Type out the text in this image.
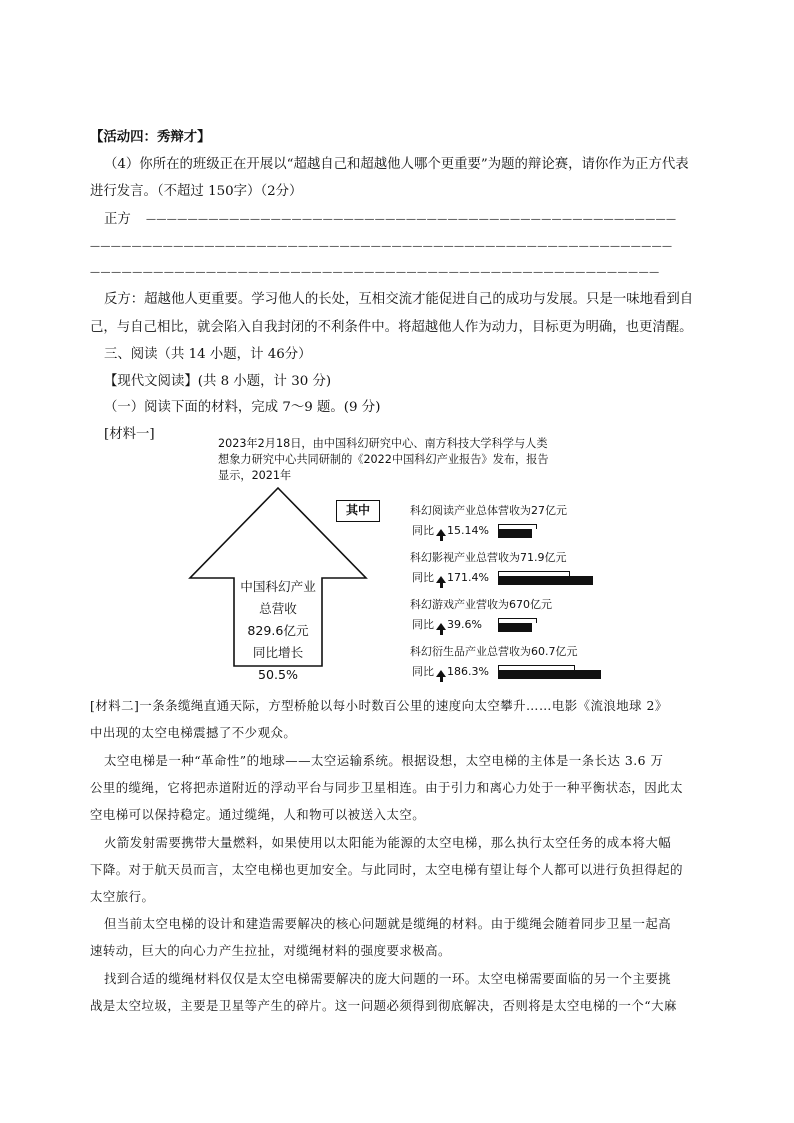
【活动四：秀辩才】
（4）你所在的班级正在开展以“超越自己和超越他人哪个更重要”为题的辩论赛，请你作为正方代表
进行发言。（不超过 150字）（2分）
正方 ———————————————————————————————————————————————————
————————————————————————————————————————————————————————
——————————————————————————————————————————————————————
反方：超越他人更重要。学习他人的长处，互相交流才能促进自己的成功与发展。只是一味地看到自
己，与自己相比，就会陷入自我封闭的不利条件中。将超越他人作为动力，目标更为明确，也更清醒。
三、阅读（共 14 小题，计 46分）
【现代文阅读】(共 8 小题，计 30 分)
（一）阅读下面的材料，完成 7～9 题。(9 分)
[材料一]
2023年2月18日，由中国科幻研究中心、南方科技大学科学与人类
想象力研究中心共同研制的《2022中国科幻产业报告》发布，报告
显示，2021年
中国科幻产业
总营收
829.6亿元
同比增长
50.5%
其中	科幻阅读产业总体营收为27亿元
同比 15.14%
科幻影视产业总营收为71.9亿元
同比 171.4%
科幻游戏产业营收为670亿元
同比 39.6%
科幻衍生品产业总营收为60.7亿元
同比 186.3%
[材料二]一条条缆绳直通天际，方型桥舱以每小时数百公里的速度向太空攀升……电影《流浪地球 2》
中出现的太空电梯震撼了不少观众。
太空电梯是一种“革命性”的地球——太空运输系统。根据设想，太空电梯的主体是一条长达 3.6 万
公里的缆绳，它将把赤道附近的浮动平台与同步卫星相连。由于引力和离心力处于一种平衡状态，因此太
空电梯可以保持稳定。通过缆绳，人和物可以被送入太空。
火箭发射需要携带大量燃料，如果使用以太阳能为能源的太空电梯，那么执行太空任务的成本将大幅
下降。对于航天员而言，太空电梯也更加安全。与此同时，太空电梯有望让每个人都可以进行负担得起的
太空旅行。
但当前太空电梯的设计和建造需要解决的核心问题就是缆绳的材料。由于缆绳会随着同步卫星一起高
速转动，巨大的向心力产生拉扯，对缆绳材料的强度要求极高。
找到合适的缆绳材料仅仅是太空电梯需要解决的庞大问题的一环。太空电梯需要面临的另一个主要挑
战是太空垃圾，主要是卫星等产生的碎片。这一问题必须得到彻底解决，否则将是太空电梯的一个“大麻
